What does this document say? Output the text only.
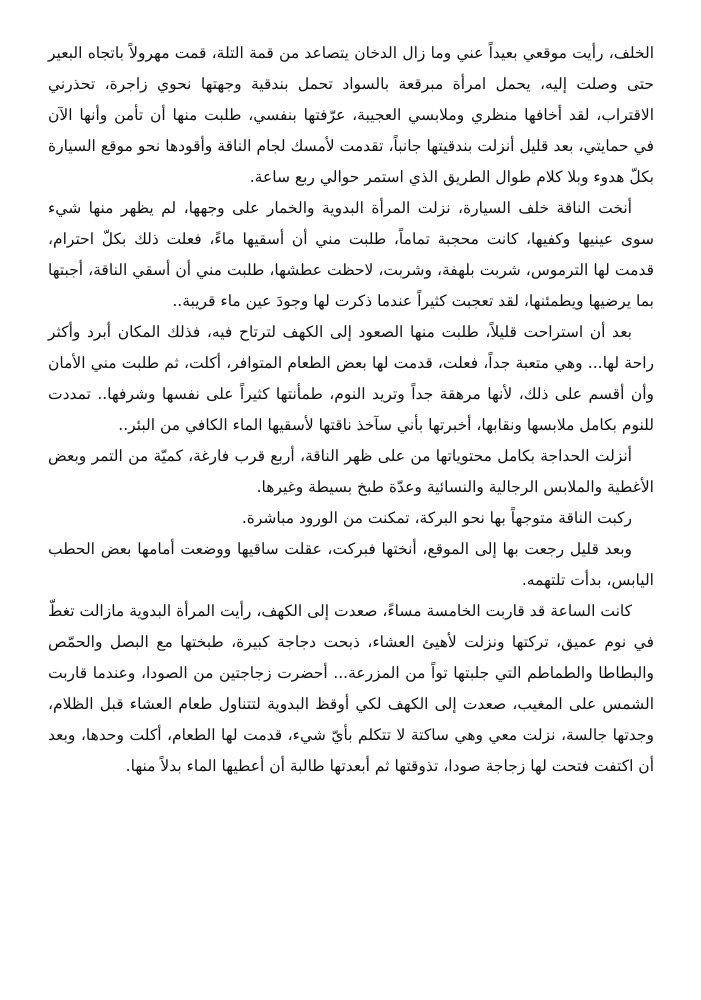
الخلف، رأيت موقعي بعيداً عني وما زال الدخان يتصاعد من قمة التلة، قمت مهرولاً باتجاه البعير حتى وصلت إليه، يحمل امرأة مبرقعة بالسواد تحمل بندقية وجهتها نحوي زاجرة، تحذرني الاقتراب، لقد أخافها منظري وملابسي العجيبة، عرّفتها بنفسي، طلبت منها أن تأمن وأنها الآن في حمايتي، بعد قليل أنزلت بندقيتها جانباً، تقدمت لأمسك لجام الناقة وأقودها نحو موقع السيارة بكلّ هدوء وبلا كلام طوال الطريق الذي استمر حوالي ربع ساعة.

أنخت الناقة خلف السيارة، نزلت المرأة البدوية والخمار على وجهها، لم يظهر منها شيء سوى عينيها وكفيها، كانت محجبة تماماً، طلبت مني أن أسقيها ماءً، فعلت ذلك بكلّ احترام، قدمت لها الترموس، شربت بلهفة، وشربت، لاحظت عطشها، طلبت مني أن أسقي الناقة، أجبتها بما يرضيها ويطمئنها، لقد تعجبت كثيراً عندما ذكرت لها وجودَ عين ماء قريبة..

بعد أن استراحت قليلاً، طلبت منها الصعود إلى الكهف لترتاح فيه، فذلك المكان أبرد وأكثر راحة لها... وهي متعبة جداً، فعلت، قدمت لها بعض الطعام المتوافر، أكلت، ثم طلبت مني الأمان وأن أقسم على ذلك، لأنها مرهقة جداً وتريد النوم، طمأنتها كثيراً على نفسها وشرفها.. تمددت للنوم بكامل ملابسها ونقابها، أخبرتها بأني سآخذ ناقتها لأسقيها الماء الكافي من البئر..

أنزلت الحداجة بكامل محتوياتها من على ظهر الناقة، أربع قرب فارغة، كميّة من التمر وبعض الأغطية والملابس الرجالية والنسائية وعدّة طبخ بسيطة وغيرها.

ركبت الناقة متوجهاً بها نحو البركة، تمكنت من الورود مباشرة.

وبعد قليل رجعت بها إلى الموقع، أنختها فبركت، عقلت ساقيها ووضعت أمامها بعض الحطب اليابس، بدأت تلتهمه.

كانت الساعة قد قاربت الخامسة مساءً، صعدت إلى الكهف، رأيت المرأة البدوية مازالت تغطّ في نوم عميق، تركتها ونزلت لأهيئ العشاء، ذبحت دجاجة كبيرة، طبختها مع البصل والحمّص والبطاطا والطماطم التي جلبتها تواً من المزرعة... أحضرت زجاجتين من الصودا، وعندما قاربت الشمس على المغيب، صعدت إلى الكهف لكي أوقظ البدوية لتتناول طعام العشاء قبل الظلام، وجدتها جالسة، نزلت معي وهي ساكتة لا تتكلم بأيّ شيء، قدمت لها الطعام، أكلت وحدها، وبعد أن اكتفت فتحت لها زجاجة صودا، تذوقتها ثم أبعدتها طالبة أن أعطيها الماء بدلاً منها.
